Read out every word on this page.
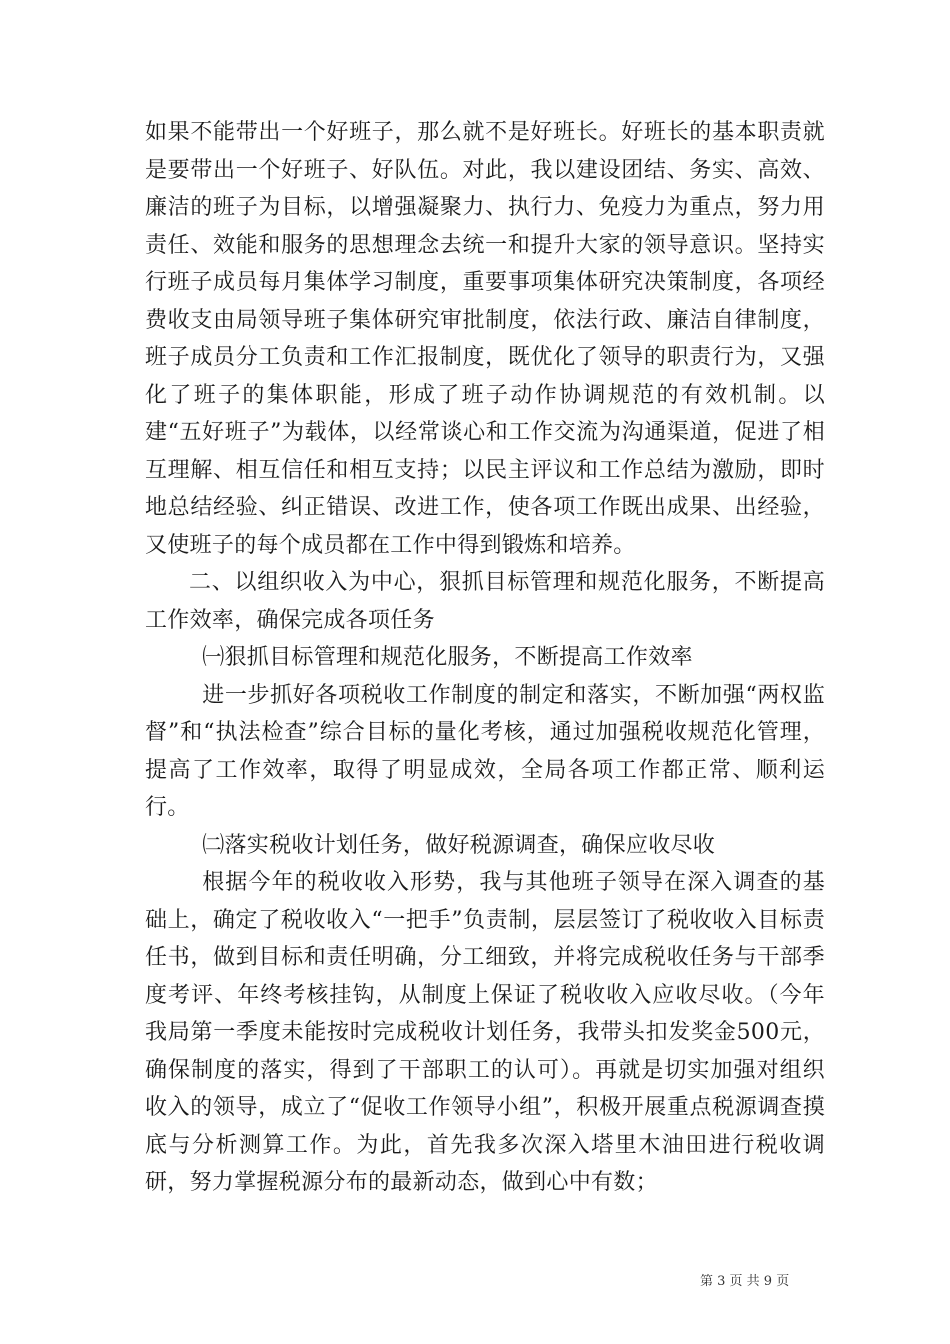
如果不能带出一个好班子，那么就不是好班长。好班长的基本职责就是要带出一个好班子、好队伍。对此，我以建设团结、务实、高效、廉洁的班子为目标，以增强凝聚力、执行力、免疫力为重点，努力用责任、效能和服务的思想理念去统一和提升大家的领导意识。坚持实行班子成员每月集体学习制度，重要事项集体研究决策制度，各项经费收支由局领导班子集体研究审批制度，依法行政、廉洁自律制度，班子成员分工负责和工作汇报制度，既优化了领导的职责行为，又强化了班子的集体职能，形成了班子动作协调规范的有效机制。以建“五好班子”为载体，以经常谈心和工作交流为沟通渠道，促进了相互理解、相互信任和相互支持；以民主评议和工作总结为激励，即时地总结经验、纠正错误、改进工作，使各项工作既出成果、出经验，又使班子的每个成员都在工作中得到锻炼和培养。

二、以组织收入为中心，狠抓目标管理和规范化服务，不断提高工作效率，确保完成各项任务

㈠狠抓目标管理和规范化服务，不断提高工作效率

进一步抓好各项税收工作制度的制定和落实，不断加强“两权监督”和“执法检查”综合目标的量化考核，通过加强税收规范化管理，提高了工作效率，取得了明显成效，全局各项工作都正常、顺利运行。

㈡落实税收计划任务，做好税源调查，确保应收尽收

根据今年的税收收入形势，我与其他班子领导在深入调查的基础上，确定了税收收入“一把手”负责制，层层签订了税收收入目标责任书，做到目标和责任明确，分工细致，并将完成税收任务与干部季度考评、年终考核挂钩，从制度上保证了税收收入应收尽收。（今年我局第一季度未能按时完成税收计划任务，我带头扣发奖金500元，确保制度的落实，得到了干部职工的认可）。再就是切实加强对组织收入的领导，成立了“促收工作领导小组”，积极开展重点税源调查摸底与分析测算工作。为此，首先我多次深入塔里木油田进行税收调研，努力掌握税源分布的最新动态，做到心中有数；

第 3 页 共 9 页
